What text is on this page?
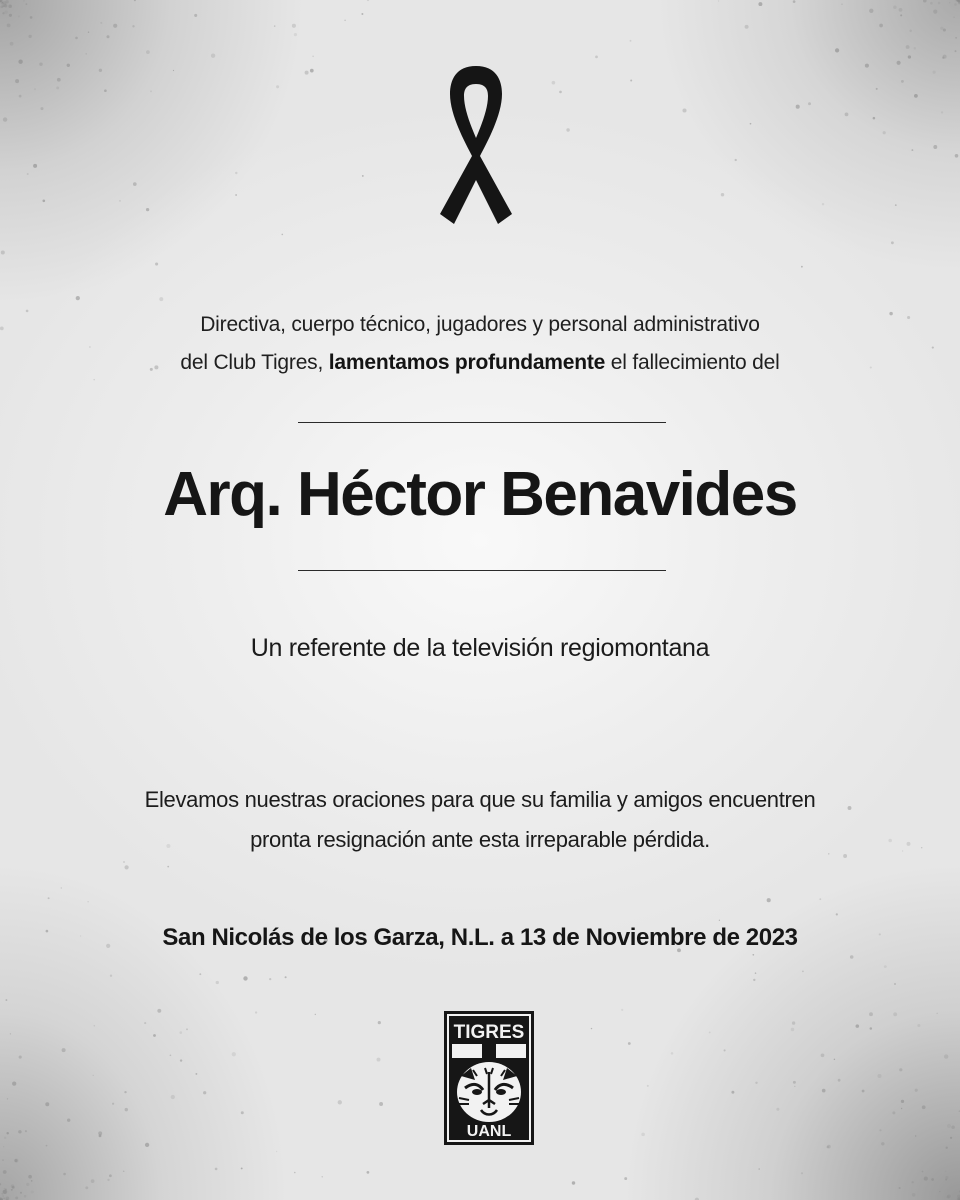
Directiva, cuerpo técnico, jugadores y personal administrativo
del Club Tigres, lamentamos profundamente el fallecimiento del
Arq. Héctor Benavides
Un referente de la televisión regiomontana
Elevamos nuestras oraciones para que su familia y amigos encuentren
pronta resignación ante esta irreparable pérdida.
San Nicolás de los Garza, N.L. a 13 de Noviembre de 2023
TIGRES
UANL
